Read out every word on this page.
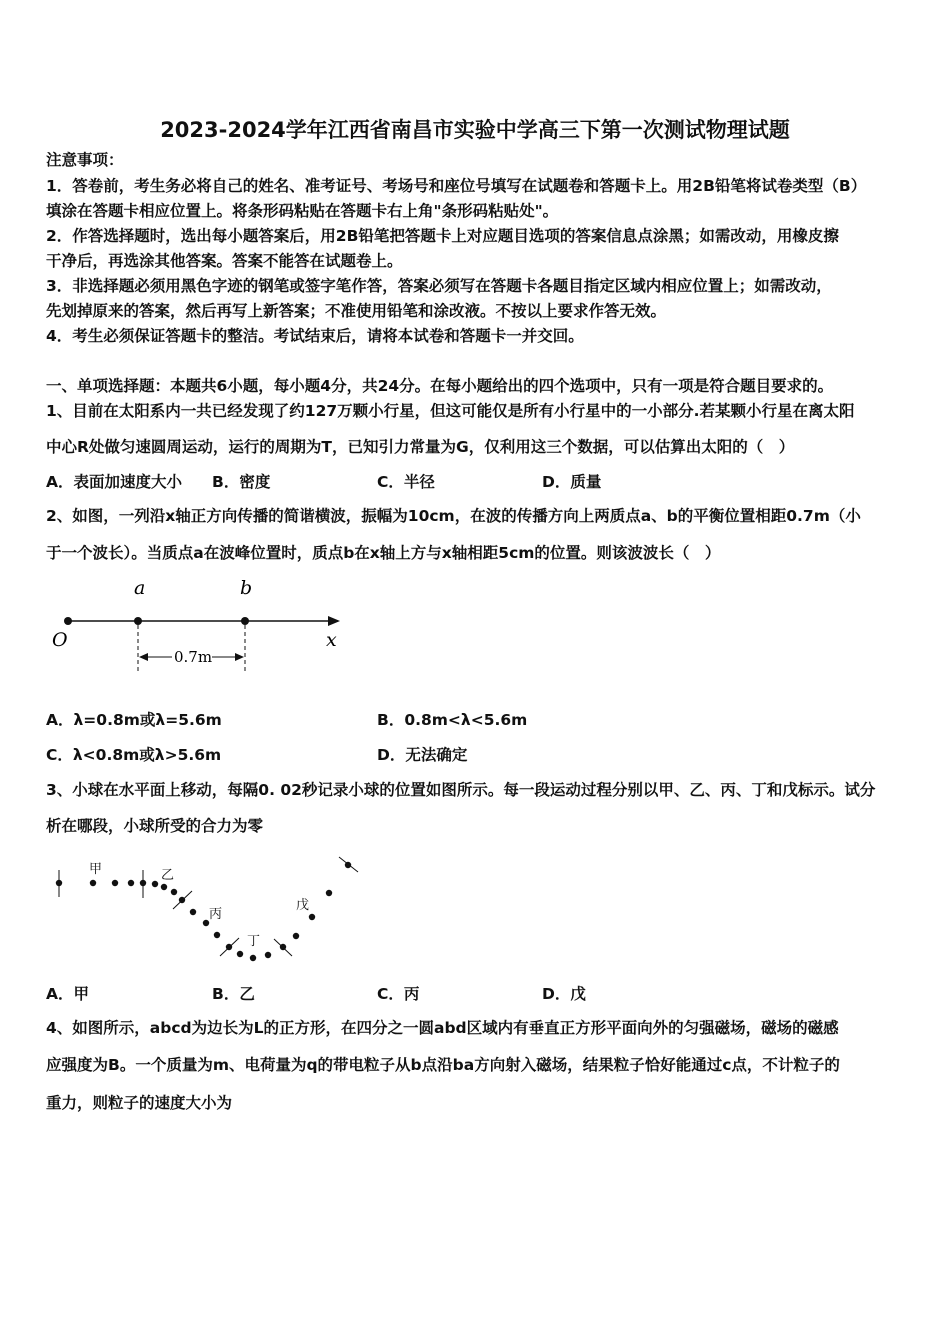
2023-2024学年江西省南昌市实验中学高三下第一次测试物理试题
注意事项：
1．答卷前，考生务必将自己的姓名、准考证号、考场号和座位号填写在试题卷和答题卡上。用2B铅笔将试卷类型（B）
填涂在答题卡相应位置上。将条形码粘贴在答题卡右上角"条形码粘贴处"。
2．作答选择题时，选出每小题答案后，用2B铅笔把答题卡上对应题目选项的答案信息点涂黑；如需改动，用橡皮擦
干净后，再选涂其他答案。答案不能答在试题卷上。
3．非选择题必须用黑色字迹的钢笔或签字笔作答，答案必须写在答题卡各题目指定区域内相应位置上；如需改动，
先划掉原来的答案，然后再写上新答案；不准使用铅笔和涂改液。不按以上要求作答无效。
4．考生必须保证答题卡的整洁。考试结束后，请将本试卷和答题卡一并交回。
一、单项选择题：本题共6小题，每小题4分，共24分。在每小题给出的四个选项中，只有一项是符合题目要求的。
1、目前在太阳系内一共已经发现了约127万颗小行星，但这可能仅是所有小行星中的一小部分.若某颗小行星在离太阳
中心R处做匀速圆周运动，运行的周期为T，已知引力常量为G，仅利用这三个数据，可以估算出太阳的（　）
A．表面加速度大小 B．密度	C．半径	D．质量
2、如图，一列沿x轴正方向传播的简谐横波，振幅为10cm，在波的传播方向上两质点a、b的平衡位置相距0.7m（小
于一个波长）。当质点a在波峰位置时，质点b在x轴上方与x轴相距5cm的位置。则该波波长（　）
a	b
O	x
0.7m
甲	乙
丙
丁
戊
A．λ=0.8m或λ=5.6m	B．0.8m<λ<5.6m
C．λ<0.8m或λ>5.6m	D．无法确定
3、小球在水平面上移动，每隔0. 02秒记录小球的位置如图所示。每一段运动过程分别以甲、乙、丙、丁和戊标示。试分
析在哪段，小球所受的合力为零
A．甲	B．乙	C．丙	D．戊
4、如图所示，abcd为边长为L的正方形，在四分之一圆abd区域内有垂直正方形平面向外的匀强磁场，磁场的磁感
应强度为B。一个质量为m、电荷量为q的带电粒子从b点沿ba方向射入磁场，结果粒子恰好能通过c点，不计粒子的
重力，则粒子的速度大小为
